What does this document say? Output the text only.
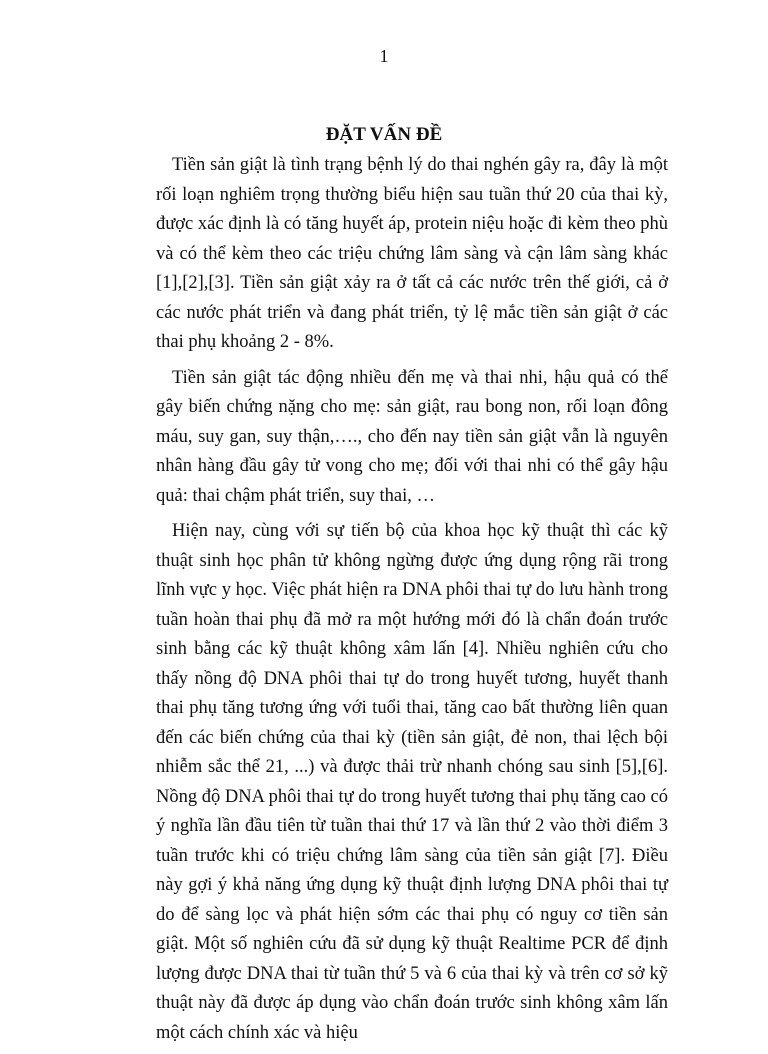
1
ĐẶT VẤN ĐỀ

Tiền sản giật là tình trạng bệnh lý do thai nghén gây ra, đây là một rối loạn nghiêm trọng thường biểu hiện sau tuần thứ 20 của thai kỳ, được xác định là có tăng huyết áp, protein niệu hoặc đi kèm theo phù và có thể kèm theo các triệu chứng lâm sàng và cận lâm sàng khác [1],[2],[3]. Tiền sản giật xảy ra ở tất cả các nước trên thế giới, cả ở các nước phát triển và đang phát triển, tỷ lệ mắc tiền sản giật ở các thai phụ khoảng 2 - 8%.

Tiền sản giật tác động nhiều đến mẹ và thai nhi, hậu quả có thể gây biến chứng nặng cho mẹ: sản giật, rau bong non, rối loạn đông máu, suy gan, suy thận,…., cho đến nay tiền sản giật vẫn là nguyên nhân hàng đầu gây tử vong cho mẹ; đối với thai nhi có thể gây hậu quả: thai chậm phát triển, suy thai, …

Hiện nay, cùng với sự tiến bộ của khoa học kỹ thuật thì các kỹ thuật sinh học phân tử không ngừng được ứng dụng rộng rãi trong lĩnh vực y học. Việc phát hiện ra DNA phôi thai tự do lưu hành trong tuần hoàn thai phụ đã mở ra một hướng mới đó là chẩn đoán trước sinh bằng các kỹ thuật không xâm lấn [4]. Nhiều nghiên cứu cho thấy nồng độ DNA phôi thai tự do trong huyết tương, huyết thanh thai phụ tăng tương ứng với tuổi thai, tăng cao bất thường liên quan đến các biến chứng của thai kỳ (tiền sản giật, đẻ non, thai lệch bội nhiễm sắc thể 21, ...) và được thải trừ nhanh chóng sau sinh [5],[6]. Nồng độ DNA phôi thai tự do trong huyết tương thai phụ tăng cao có ý nghĩa lần đầu tiên từ tuần thai thứ 17 và lần thứ 2 vào thời điểm 3 tuần trước khi có triệu chứng lâm sàng của tiền sản giật [7]. Điều này gợi ý khả năng ứng dụng kỹ thuật định lượng DNA phôi thai tự do để sàng lọc và phát hiện sớm các thai phụ có nguy cơ tiền sản giật. Một số nghiên cứu đã sử dụng kỹ thuật Realtime PCR để định lượng được DNA thai từ tuần thứ 5 và 6 của thai kỳ và trên cơ sở kỹ thuật này đã được áp dụng vào chẩn đoán trước sinh không xâm lấn một cách chính xác và hiệu
